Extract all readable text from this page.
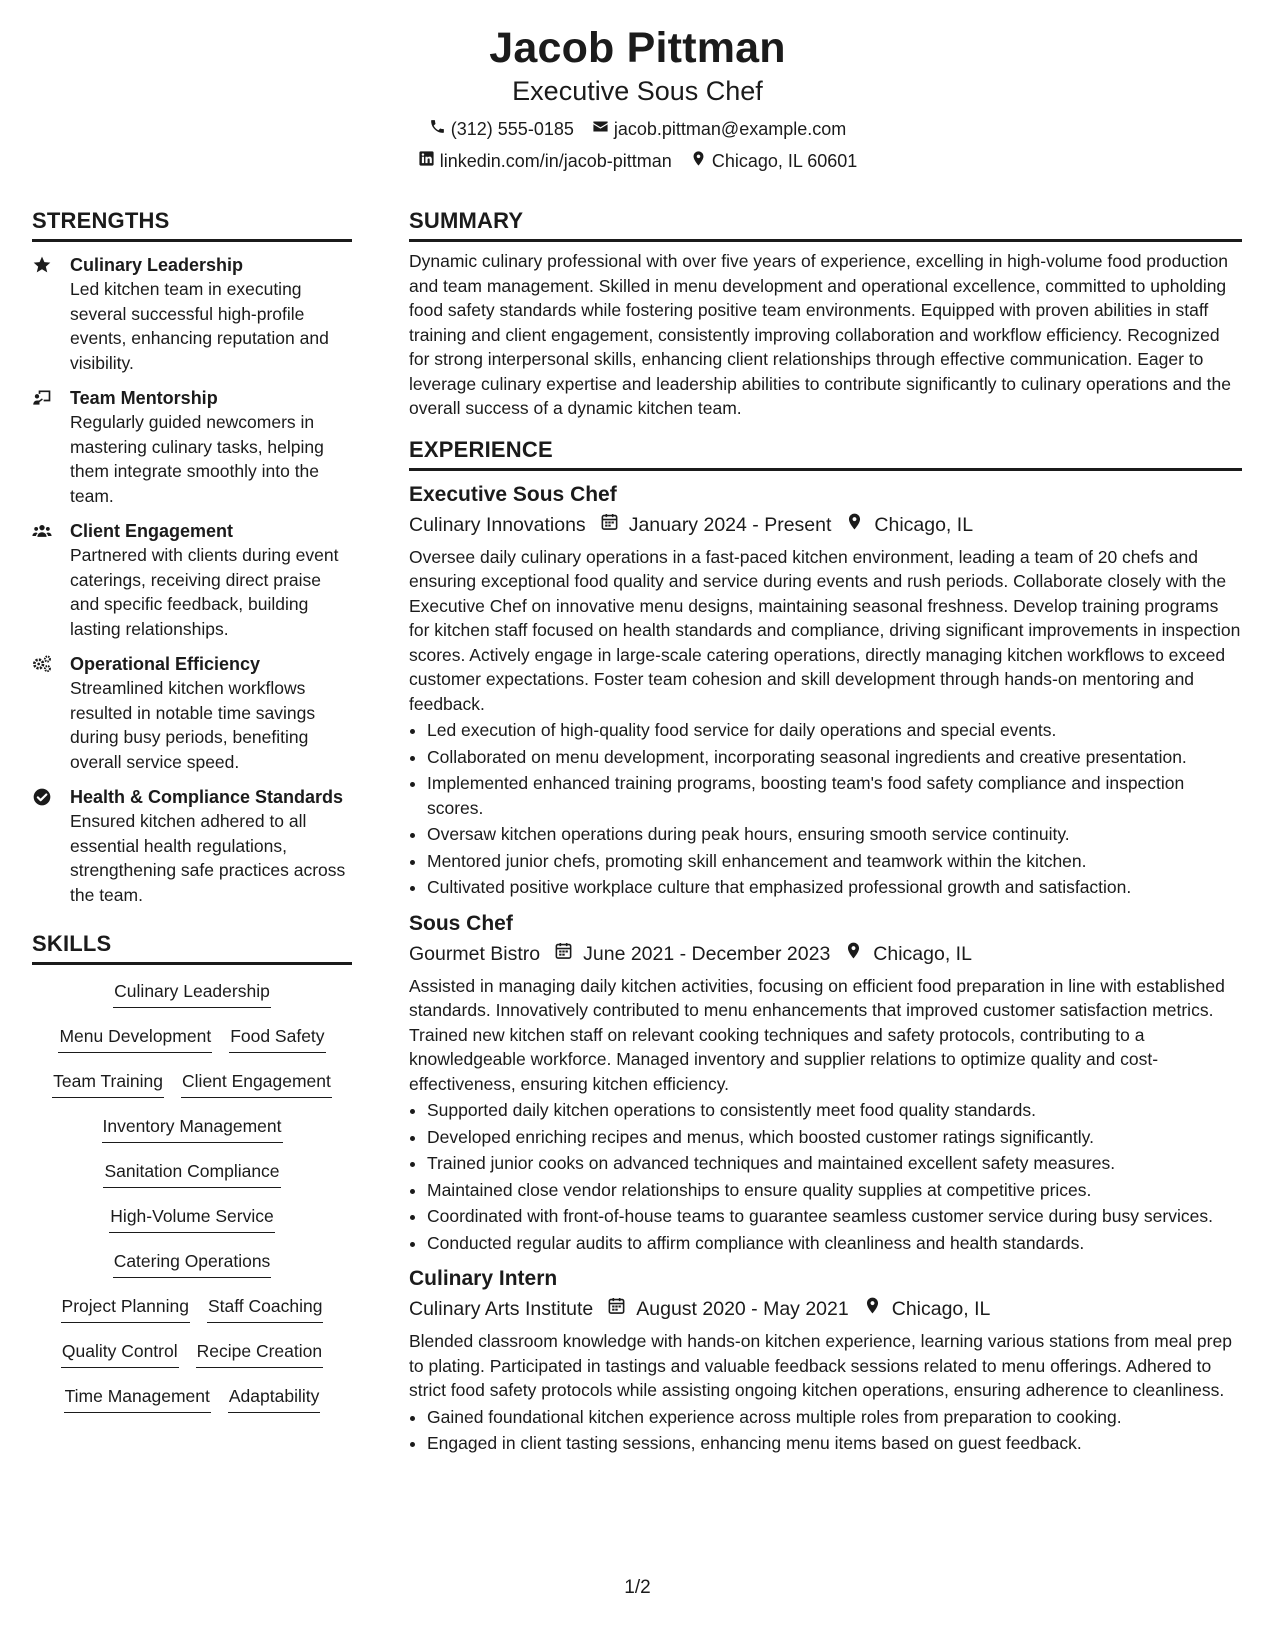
Jacob Pittman
Executive Sous Chef
(312) 555-0185 jacob.pittman@example.com
linkedin.com/in/jacob-pittman Chicago, IL 60601
STRENGTHS
Culinary Leadership
Led kitchen team in executing several successful high-profile events, enhancing reputation and visibility.
Team Mentorship
Regularly guided newcomers in mastering culinary tasks, helping them integrate smoothly into the team.
Client Engagement
Partnered with clients during event caterings, receiving direct praise and specific feedback, building lasting relationships.
Operational Efficiency
Streamlined kitchen workflows resulted in notable time savings during busy periods, benefiting overall service speed.
Health & Compliance Standards
Ensured kitchen adhered to all essential health regulations, strengthening safe practices across the team.
SKILLS
Culinary Leadership
Menu Development Food Safety
Team Training Client Engagement
Inventory Management
Sanitation Compliance
High-Volume Service
Catering Operations
Project Planning Staff Coaching
Quality Control Recipe Creation
Time Management Adaptability
SUMMARY
Dynamic culinary professional with over five years of experience, excelling in high-volume food production and team management. Skilled in menu development and operational excellence, committed to upholding food safety standards while fostering positive team environments. Equipped with proven abilities in staff training and client engagement, consistently improving collaboration and workflow efficiency. Recognized for strong interpersonal skills, enhancing client relationships through effective communication. Eager to leverage culinary expertise and leadership abilities to contribute significantly to culinary operations and the overall success of a dynamic kitchen team.
EXPERIENCE
Executive Sous Chef
Culinary Innovations January 2024 - Present Chicago, IL
Oversee daily culinary operations in a fast-paced kitchen environment, leading a team of 20 chefs and ensuring exceptional food quality and service during events and rush periods. Collaborate closely with the Executive Chef on innovative menu designs, maintaining seasonal freshness. Develop training programs for kitchen staff focused on health standards and compliance, driving significant improvements in inspection scores. Actively engage in large-scale catering operations, directly managing kitchen workflows to exceed customer expectations. Foster team cohesion and skill development through hands-on mentoring and feedback.
• Led execution of high-quality food service for daily operations and special events.
• Collaborated on menu development, incorporating seasonal ingredients and creative presentation.
• Implemented enhanced training programs, boosting team's food safety compliance and inspection scores.
• Oversaw kitchen operations during peak hours, ensuring smooth service continuity.
• Mentored junior chefs, promoting skill enhancement and teamwork within the kitchen.
• Cultivated positive workplace culture that emphasized professional growth and satisfaction.
Sous Chef
Gourmet Bistro June 2021 - December 2023 Chicago, IL
Assisted in managing daily kitchen activities, focusing on efficient food preparation in line with established standards. Innovatively contributed to menu enhancements that improved customer satisfaction metrics. Trained new kitchen staff on relevant cooking techniques and safety protocols, contributing to a knowledgeable workforce. Managed inventory and supplier relations to optimize quality and cost-effectiveness, ensuring kitchen efficiency.
• Supported daily kitchen operations to consistently meet food quality standards.
• Developed enriching recipes and menus, which boosted customer ratings significantly.
• Trained junior cooks on advanced techniques and maintained excellent safety measures.
• Maintained close vendor relationships to ensure quality supplies at competitive prices.
• Coordinated with front-of-house teams to guarantee seamless customer service during busy services.
• Conducted regular audits to affirm compliance with cleanliness and health standards.
Culinary Intern
Culinary Arts Institute August 2020 - May 2021 Chicago, IL
Blended classroom knowledge with hands-on kitchen experience, learning various stations from meal prep to plating. Participated in tastings and valuable feedback sessions related to menu offerings. Adhered to strict food safety protocols while assisting ongoing kitchen operations, ensuring adherence to cleanliness.
• Gained foundational kitchen experience across multiple roles from preparation to cooking.
• Engaged in client tasting sessions, enhancing menu items based on guest feedback.
1/2
